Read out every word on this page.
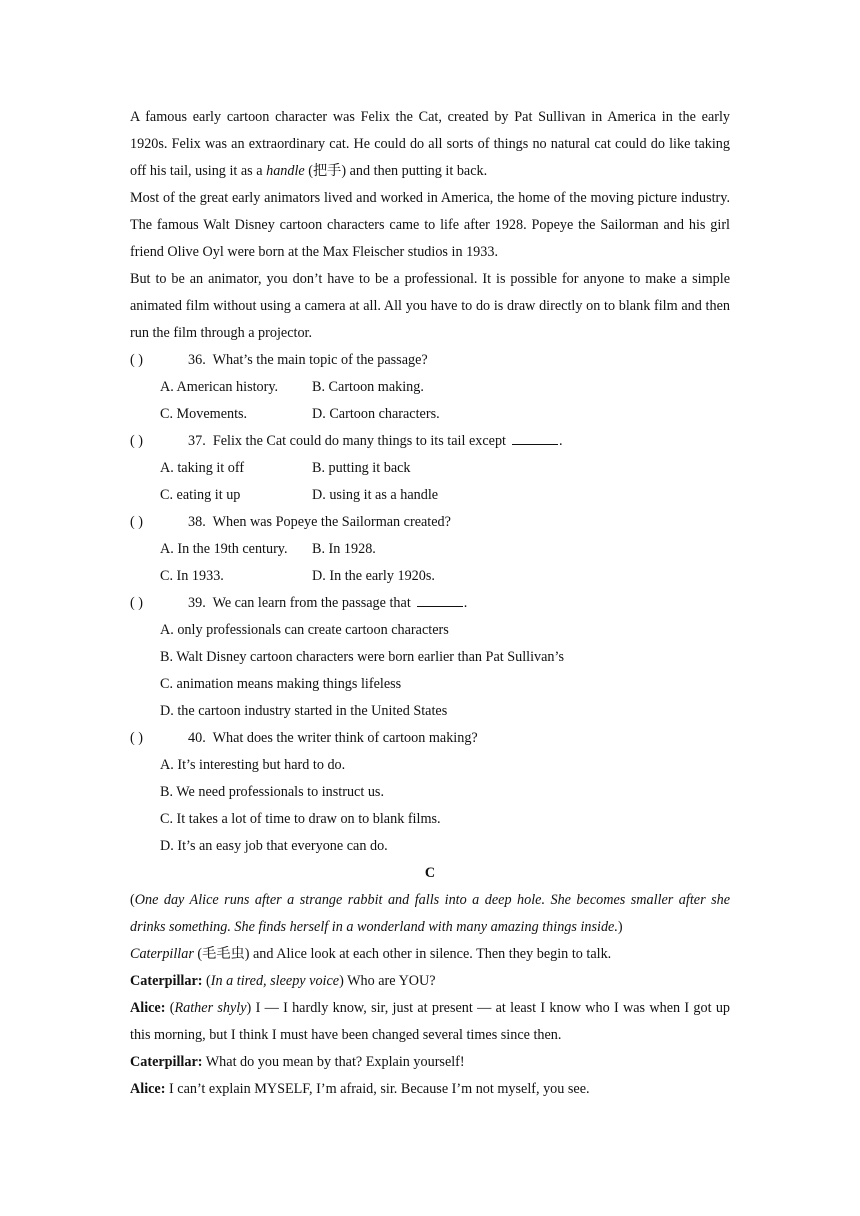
A famous early cartoon character was Felix the Cat, created by Pat Sullivan in America in the early 1920s. Felix was an extraordinary cat. He could do all sorts of things no natural cat could do like taking off his tail, using it as a handle (把手) and then putting it back.

Most of the great early animators lived and worked in America, the home of the moving picture industry. The famous Walt Disney cartoon characters came to life after 1928. Popeye the Sailorman and his girl friend Olive Oyl were born at the Max Fleischer studios in 1933.

But to be an animator, you don’t have to be a professional. It is possible for anyone to make a simple animated film without using a camera at all. All you have to do is draw directly on to blank film and then run the film through a projector.

( )	36. What’s the main topic of the passage?

A. American history. B. Cartoon making.

C. Movements.	D. Cartoon characters.

( )	37. Felix the Cat could do many things to its tail except	.

A. taking it off	B. putting it back

C. eating it up	D. using it as a handle

( )	38. When was Popeye the Sailorman created?

A. In the 19th century. B. In 1928.

C. In 1933.	D. In the early 1920s.

( )	39. We can learn from the passage that	.

A. only professionals can create cartoon characters

B. Walt Disney cartoon characters were born earlier than Pat Sullivan’s

C. animation means making things lifeless

D. the cartoon industry started in the United States

( )	40. What does the writer think of cartoon making?

A. It’s interesting but hard to do.

B. We need professionals to instruct us.

C. It takes a lot of time to draw on to blank films.

D. It’s an easy job that everyone can do.

C

(One day Alice runs after a strange rabbit and falls into a deep hole. She becomes smaller after she drinks something. She finds herself in a wonderland with many amazing things inside.)

Caterpillar (毛毛虫) and Alice look at each other in silence. Then they begin to talk.

Caterpillar: (In a tired, sleepy voice) Who are YOU?

Alice: (Rather shyly) I — I hardly know, sir, just at present — at least I know who I was when I got up this morning, but I think I must have been changed several times since then.

Caterpillar: What do you mean by that? Explain yourself!

Alice: I can’t explain MYSELF, I’m afraid, sir. Because I’m not myself, you see.
